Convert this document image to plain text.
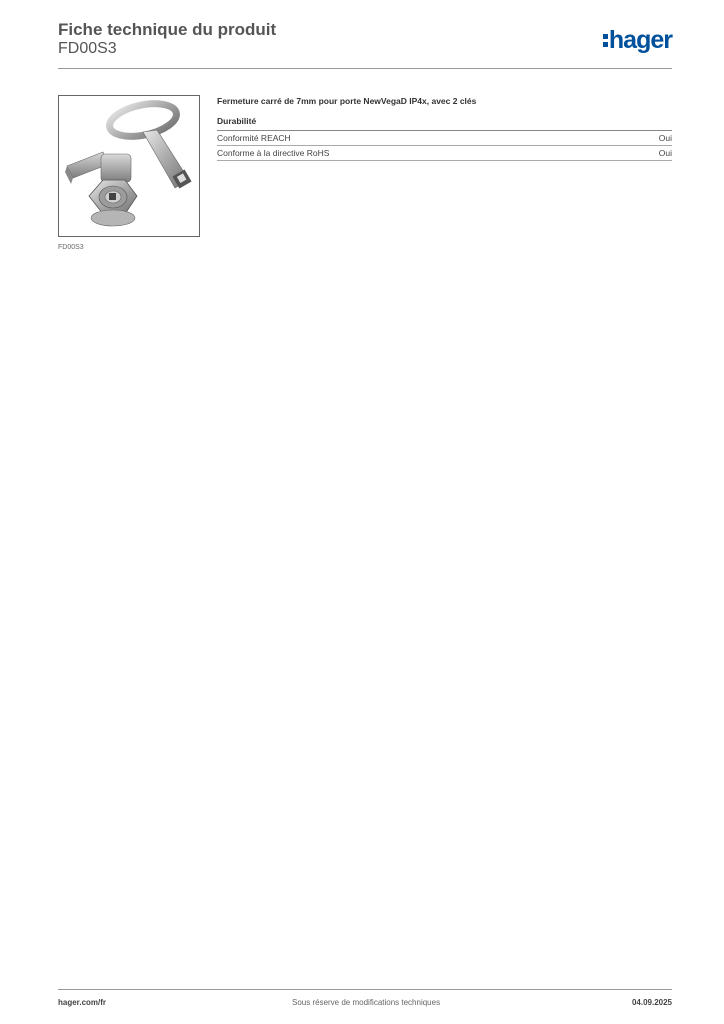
Fiche technique du produit
FD00S3	hager
FD00S3

Fermeture carré de 7mm pour porte NewVegaD IP4x, avec 2 clés

Durabilité
Conformité REACH	Oui
Conforme à la directive RoHS	Oui
hager.com/fr	Sous réserve de modifications techniques	04.09.2025
